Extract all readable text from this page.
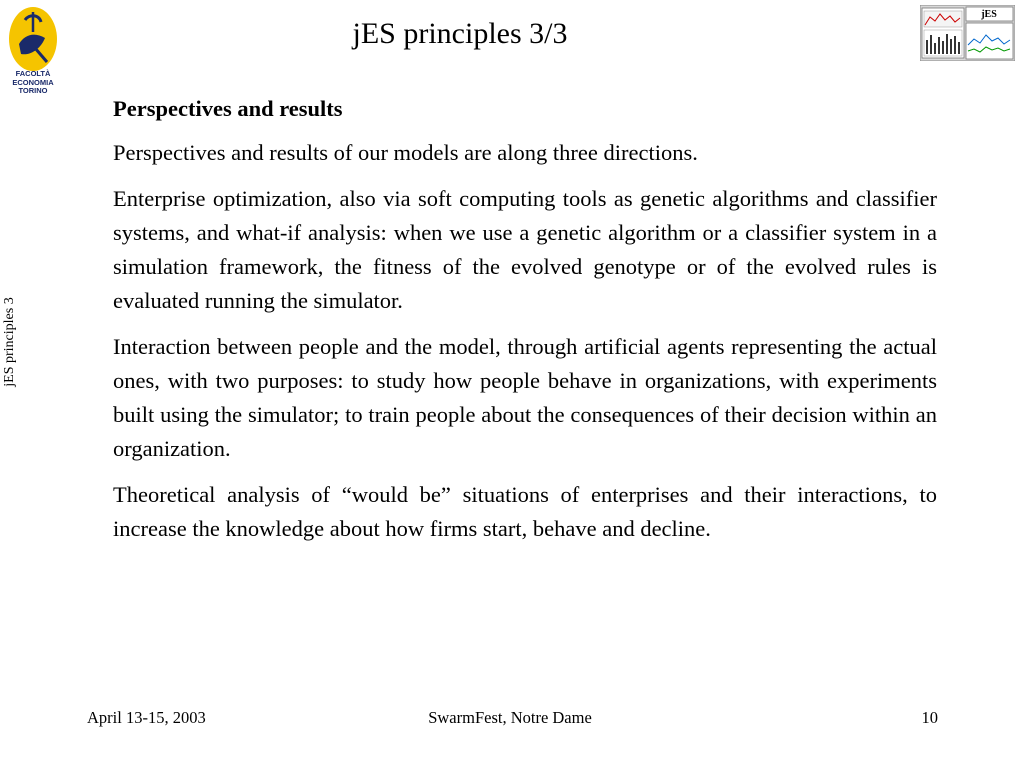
FACOLTÀ
ECONOMIA
TORINO
jES principles 3/3
jES
jES principles 3
Perspectives and results

Perspectives and results of our models are along three directions.

Enterprise optimization, also via soft computing tools as genetic algorithms and classifier systems, and what-if analysis: when we use a genetic algorithm or a classifier system in a simulation framework, the fitness of the evolved genotype or of the evolved rules is evaluated running the simulator.

Interaction between people and the model, through artificial agents representing the actual ones, with two purposes: to study how people behave in organizations, with experiments built using the simulator; to train people about the consequences of their decision within an organization.

Theoretical analysis of “would be” situations of enterprises and their interactions, to increase the knowledge about how firms start, behave and decline.

April 13-15, 2003	SwarmFest, Notre Dame	10
